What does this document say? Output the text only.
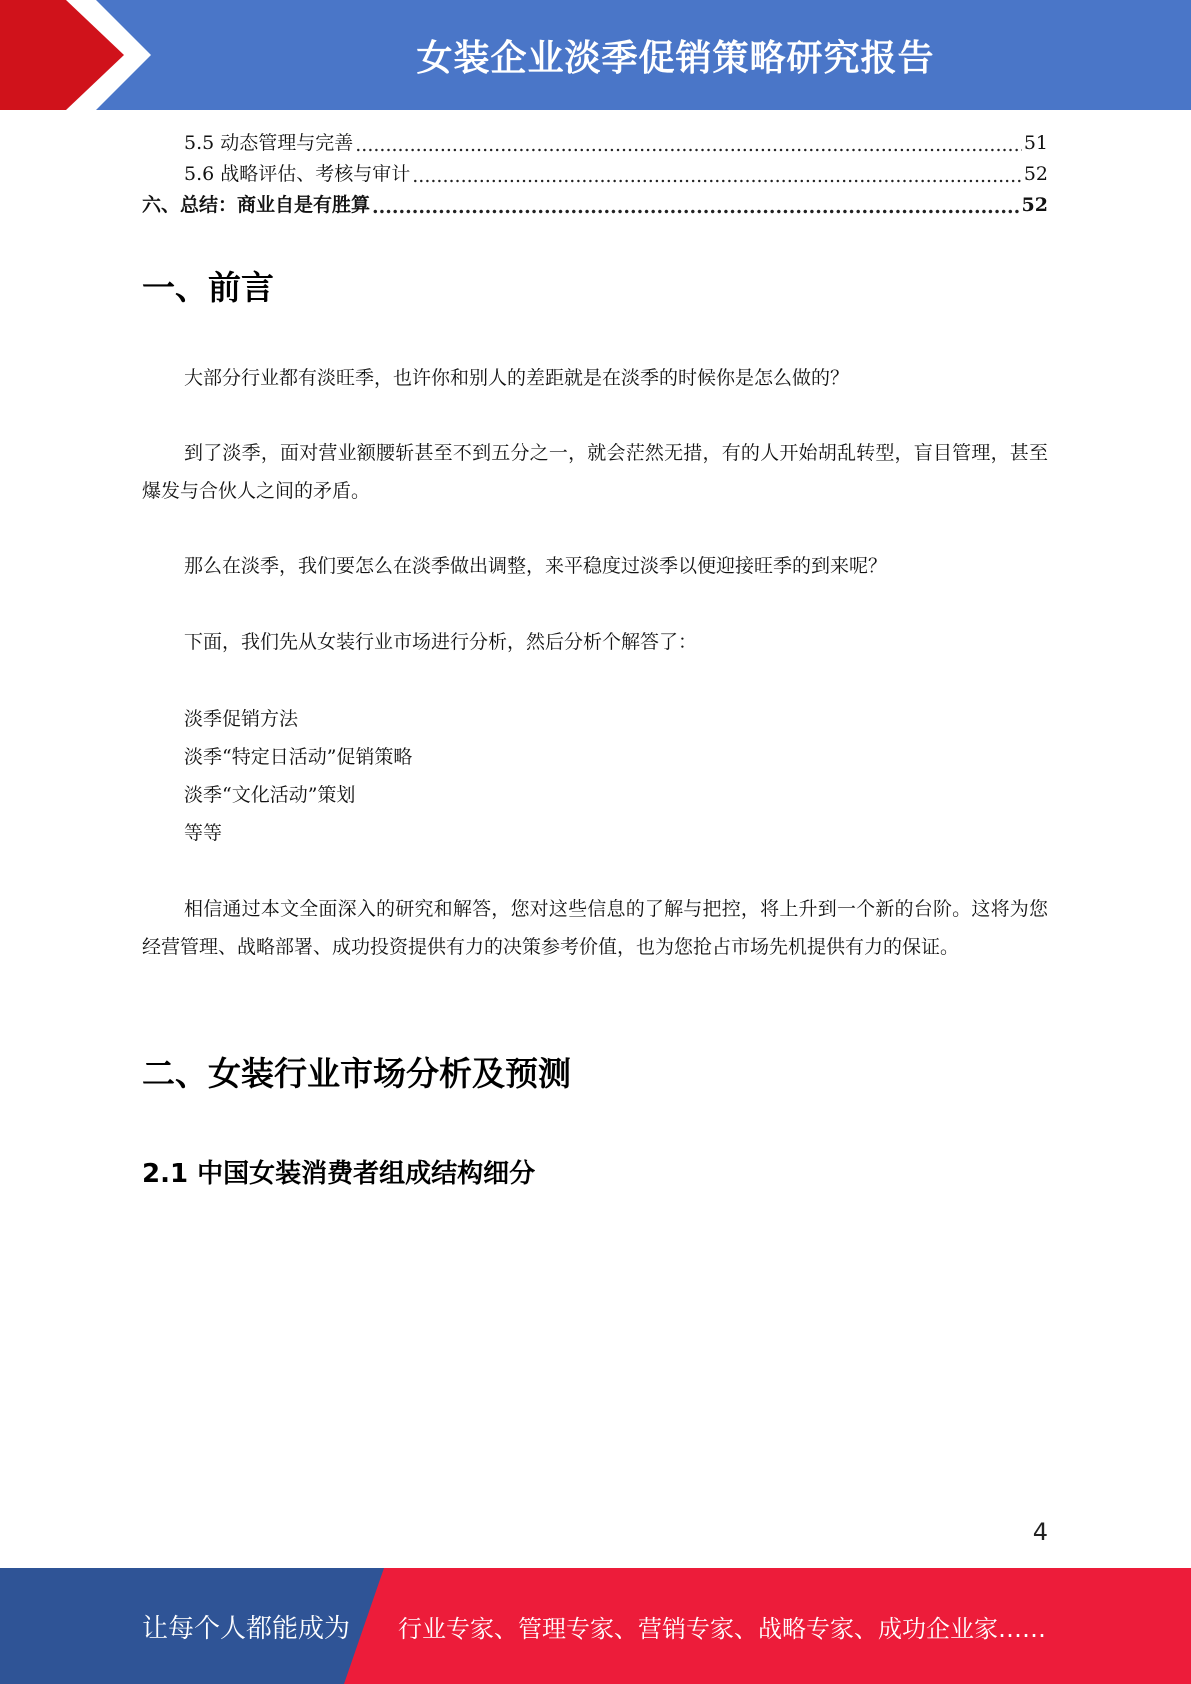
女装企业淡季促销策略研究报告
5.5 动态管理与完善 .....	51
5.6 战略评估、考核与审计 .....	52
六、总结：商业自是有胜算 .....	52
一、前言
大部分行业都有淡旺季，也许你和别人的差距就是在淡季的时候你是怎么做的？
到了淡季，面对营业额腰斩甚至不到五分之一，就会茫然无措，有的人开始胡乱转型，盲目管理，甚至爆发与合伙人之间的矛盾。
那么在淡季，我们要怎么在淡季做出调整，来平稳度过淡季以便迎接旺季的到来呢？
下面，我们先从女装行业市场进行分析，然后分析个解答了：
淡季促销方法
淡季“特定日活动”促销策略
淡季“文化活动”策划
等等
相信通过本文全面深入的研究和解答，您对这些信息的了解与把控，将上升到一个新的台阶。这将为您经营管理、战略部署、成功投资提供有力的决策参考价值，也为您抢占市场先机提供有力的保证。
二、女装行业市场分析及预测
2.1 中国女装消费者组成结构细分
4
让每个人都能成为 行业专家、管理专家、营销专家、战略专家、成功企业家……
